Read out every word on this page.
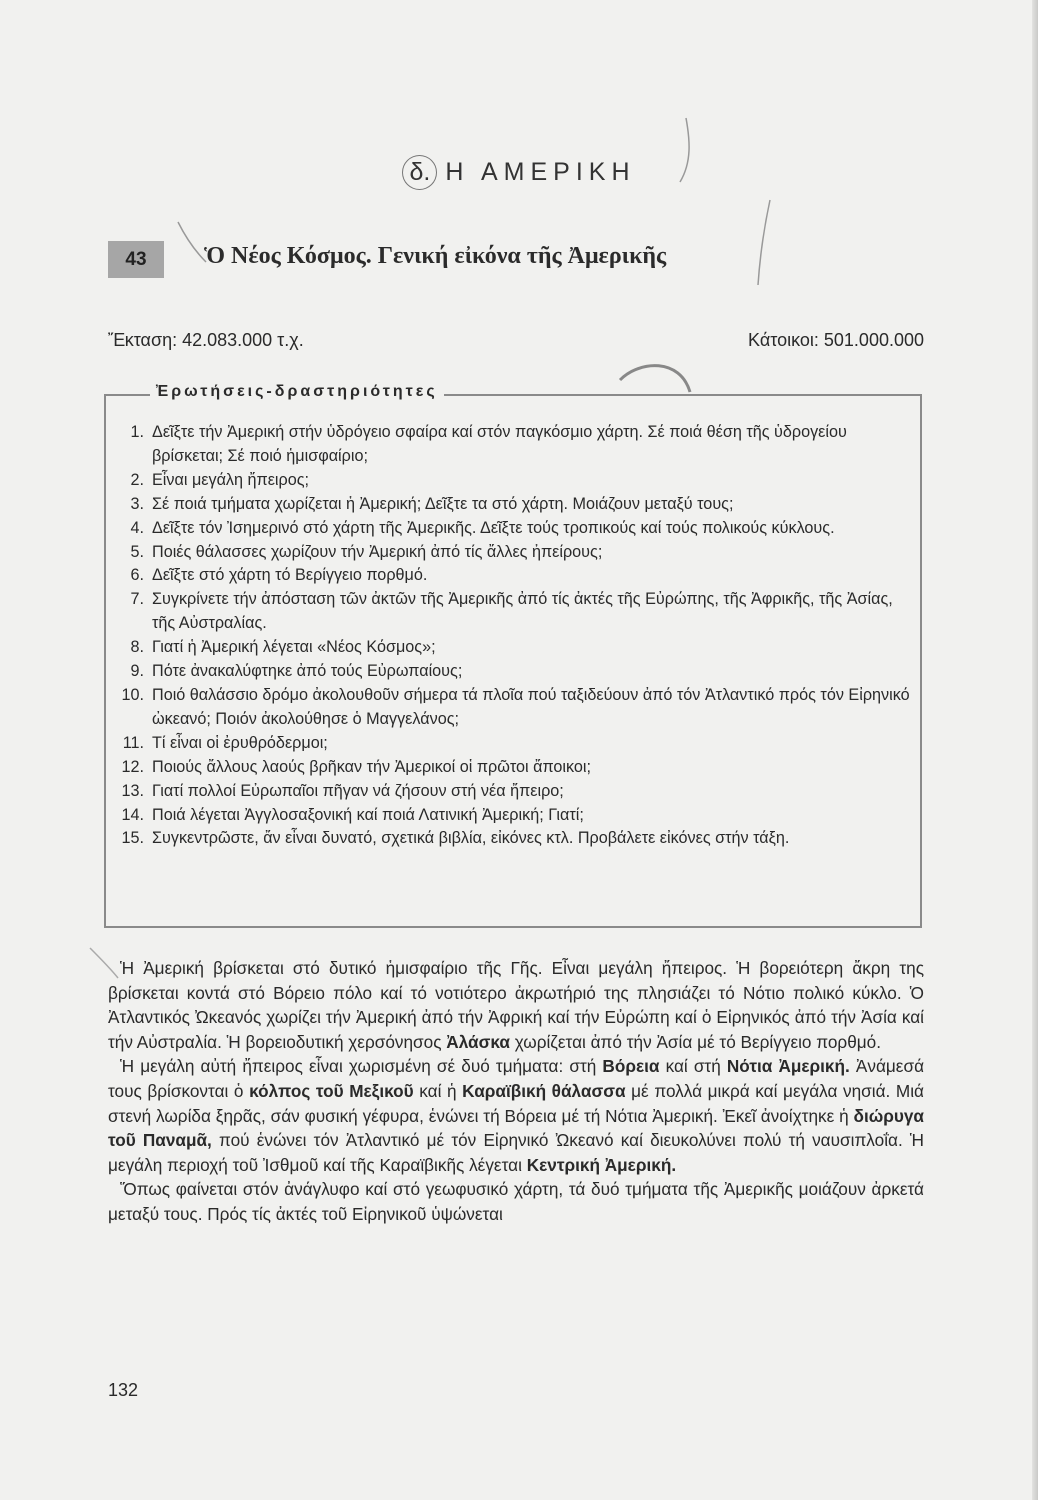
δ. Η ΑΜΕΡΙΚΗ
43	Ὁ Νέος Κόσμος. Γενική εἰκόνα τῆς Ἀμερικῆς
Ἔκταση: 42.083.000 τ.χ.	Κάτοικοι: 501.000.000
Ἐρωτήσεις-δραστηριότητες
1. Δεῖξτε τήν Ἀμερική στήν ὑδρόγειο σφαίρα καί στόν παγκόσμιο χάρτη. Σέ ποιά θέση τῆς ὑδρογείου βρίσκεται; Σέ ποιό ἡμισφαίριο;
2. Εἶναι μεγάλη ἤπειρος;
3. Σέ ποιά τμήματα χωρίζεται ἡ Ἀμερική; Δεῖξτε τα στό χάρτη. Μοιάζουν μεταξύ τους;
4. Δεῖξτε τόν Ἰσημερινό στό χάρτη τῆς Ἀμερικῆς. Δεῖξτε τούς τροπικούς καί τούς πολικούς κύκλους.
5. Ποιές θάλασσες χωρίζουν τήν Ἀμερική ἀπό τίς ἄλλες ἠπείρους;
6. Δεῖξτε στό χάρτη τό Βερίγγειο πορθμό.
7. Συγκρίνετε τήν ἀπόσταση τῶν ἀκτῶν τῆς Ἀμερικῆς ἀπό τίς ἀκτές τῆς Εὐρώπης, τῆς Ἀφρικῆς, τῆς Ἀσίας, τῆς Αὐστραλίας.
8. Γιατί ἡ Ἀμερική λέγεται «Νέος Κόσμος»;
9. Πότε ἀνακαλύφτηκε ἀπό τούς Εὐρωπαίους;
10. Ποιό θαλάσσιο δρόμο ἀκολουθοῦν σήμερα τά πλοῖα πού ταξιδεύουν ἀπό τόν Ἀτλαντικό πρός τόν Εἰρηνικό ὠκεανό; Ποιόν ἀκολούθησε ὁ Μαγγελάνος;
11. Τί εἶναι οἱ ἐρυθρόδερμοι;
12. Ποιούς ἄλλους λαούς βρῆκαν τήν Ἀμερικοί οἱ πρῶτοι ἄποικοι;
13. Γιατί πολλοί Εὐρωπαῖοι πῆγαν νά ζήσουν στή νέα ἤπειρο;
14. Ποιά λέγεται Ἀγγλοσαξονική καί ποιά Λατινική Ἀμερική; Γιατί;
15. Συγκεντρῶστε, ἄν εἶναι δυνατό, σχετικά βιβλία, εἰκόνες κτλ. Προβάλετε εἰκόνες στήν τάξη.

Ἡ Ἀμερική βρίσκεται στό δυτικό ἡμισφαίριο τῆς Γῆς. Εἶναι μεγάλη ἤπειρος. Ἡ βορειότερη ἄκρη της βρίσκεται κοντά στό Βόρειο πόλο καί τό νοτιότερο ἀκρωτήριό της πλησιάζει τό Νότιο πολικό κύκλο. Ὁ Ἀτλαντικός Ὠκεανός χωρίζει τήν Ἀμερική ἀπό τήν Ἀφρική καί τήν Εὐρώπη καί ὁ Εἰρηνικός ἀπό τήν Ἀσία καί τήν Αὐστραλία. Ἡ βορειοδυτική χερσόνησος Ἀλάσκα χωρίζεται ἀπό τήν Ἀσία μέ τό Βερίγγειο πορθμό.

Ἡ μεγάλη αὐτή ἤπειρος εἶναι χωρισμένη σέ δυό τμήματα: στή Βόρεια καί στή Νότια Ἀμερική. Ἀνάμεσά τους βρίσκονται ὁ κόλπος τοῦ Μεξικοῦ καί ἡ Καραϊβική θάλασσα μέ πολλά μικρά καί μεγάλα νησιά. Μιά στενή λωρίδα ξηρᾶς, σάν φυσική γέφυρα, ἑνώνει τή Βόρεια μέ τή Νότια Ἀμερική. Ἐκεῖ ἀνοίχτηκε ἡ διώρυγα τοῦ Παναμᾶ, πού ἑνώνει τόν Ἀτλαντικό μέ τόν Εἰρηνικό Ὠκεανό καί διευκολύνει πολύ τή ναυσιπλοΐα. Ἡ μεγάλη περιοχή τοῦ Ἰσθμοῦ καί τῆς Καραϊβικῆς λέγεται Κεντρική Ἀμερική.

Ὅπως φαίνεται στόν ἀνάγλυφο καί στό γεωφυσικό χάρτη, τά δυό τμήματα τῆς Ἀμερικῆς μοιάζουν ἀρκετά μεταξύ τους. Πρός τίς ἀκτές τοῦ Εἰρηνικοῦ ὑψώνεται

132
